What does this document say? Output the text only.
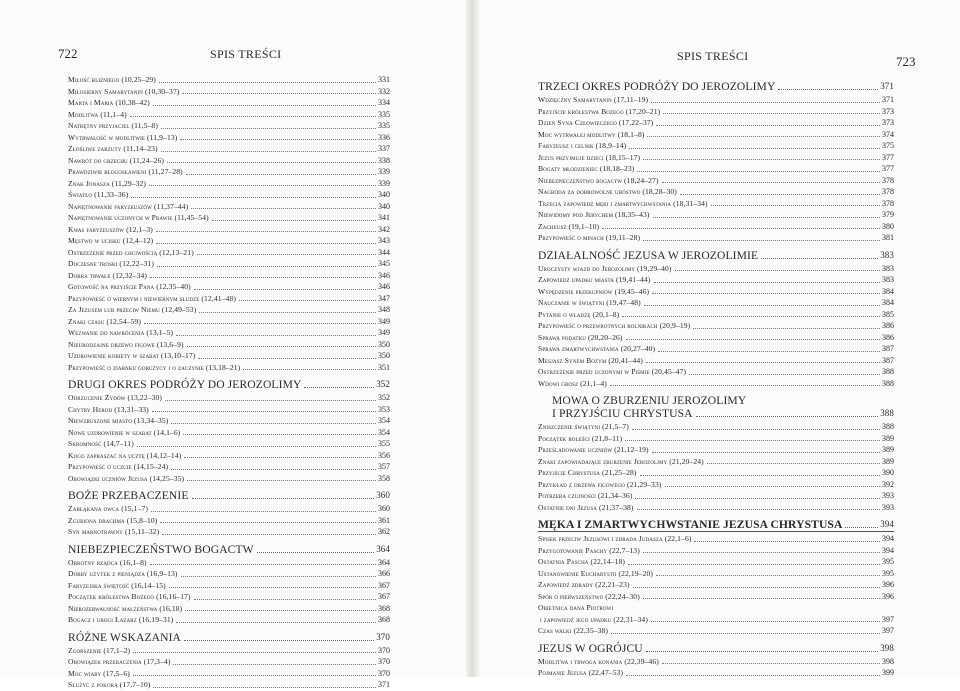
722	SPIS TREŚCI
Miłość bliźniego (10,25–29)	331
Miłosierny Samarytanin (10,30–37)	332
Marta i Maria (10,38–42)	334
Modlitwa (11,1–4)	335
Natrętny przyjaciel (11,5–8)	335
Wytrwałość w modlitwie (11,9–13)	336
Złośliwe zarzuty (11,14–23)	337
Nawrót do grzechu (11,24–26)	338
Prawdziwie błogosławieni (11,27–28)	339
Znak Jonasza (11,29–32)	339
Światło (11,33–36)	340
Napiętnowanie faryzeuszów (11,37–44)	340
Napiętnowanie uczonych w Prawie (11,45–54)	341
Kwas faryzeuszów (12,1–3)	342
Męstwo w ucisku (12,4–12)	343
Ostrzeżenie przed chciwością (12,13–21)	344
Doczesne troski (12,22–31)	345
Dobra trwałe (12,32–34)	346
Gotowość na przyjście Pana (12,35–40)	346
Przypowieść o wiernym i niewiernym słudze (12,41–48)	347
Za Jezusem lub przeciw Niemu (12,49–53)	348
Znaki czasu (12,54–59)	349
Wezwanie do nawrócenia (13,1–5)	349
Nieurodzajne drzewo figowe (13,6–9)	350
Uzdrowienie kobiety w szabat (13,10–17)	350
Przypowieść o ziarnku gorczycy i o zaczynie (13,18–21)	351
DRUGI OKRES PODRÓŻY DO JEROZOLIMY	352
Odrzucenie Żydów (13,22–30)	352
Chytry Herod (13,31–33)	353
Niewzruszone miasto (13,34–35)	354
Nowe uzdrowienie w szabat (14,1–6)	354
Skromność (14,7–11)	355
Kogo zapraszać na ucztę (14,12–14)	356
Przypowieść o uczcie (14,15–24)	357
Obowiązki uczniów Jezusa (14,25–35)	358
BOŻE PRZEBACZENIE	360
Zabłąkana owca (15,1–7)	360
Zgubiona drachma (15,8–10)	361
Syn marnotrawny (15,11–32)	362
NIEBEZPIECZEŃSTWO BOGACTW	364
Obrotny rządca (16,1–8)	364
Dobry użytek z pieniądza (16,9–13)	366
Faryzejska świętość (16,14–15)	367
Początek królestwa Bożego (16,16–17)	367
Nierozerwalność małżeństwa (16,18)	368
Bogacz i ubogi Łazarz (16,19–31)	368
RÓŻNE WSKAZANIA	370
Zgorszenie (17,1–2)	370
Obowiązek przebaczenia (17,3–4)	370
Moc wiary (17,5–6)	370
Służyć z pokorą (17,7–10)	371
SPIS TREŚCI	723
TRZECI OKRES PODRÓŻY DO JEROZOLIMY	371
Wdzięczny Samarytanin (17,11–19)	371
Przyjście królestwa Bożego (17,20–21)	373
Dzień Syna Człowieczego (17,22–37)	373
Moc wytrwałej modlitwy (18,1–8)	374
Faryzeusz i celnik (18,9–14)	375
Jezus przyjmuje dzieci (18,15–17)	377
Bogaty młodzieniec (18,18–23)	377
Niebezpieczeństwo bogactw (18,24–27)	378
Nagroda za dobrowolne ubóstwo (18,28–30)	378
Trzecia zapowiedź męki i zmartwychwstania (18,31–34)	378
Niewidomy pod Jerychem (18,35–43)	379
Zacheusz (19,1–10)	380
Przypowieść o minach (19,11–28)	381
DZIAŁALNOŚĆ JEZUSA W JEROZOLIMIE	383
Uroczysty wjazd do Jerozolimy (19,29–40)	383
Zapowiedź upadku miasta (19,41–44)	383
Wypędzenie przekupniów (19,45–46)	384
Nauczanie w świątyni (19,47–48)	384
Pytanie o władzę (20,1–8)	385
Przypowieść o przewrotnych rolnikach (20,9–19)	386
Sprawa podatku (20,20–26)	386
Sprawa zmartwychwstania (20,27–40)	387
Mesjasz Synem Bożym (20,41–44)	387
Ostrzeżenie przed uczonymi w Piśmie (20,45–47)	388
Wdowi grosz (21,1–4)	388
MOWA O ZBURZENIU JEROZOLIMY
I PRZYJŚCIU CHRYSTUSA	388
Zniszczenie świątyni (21,5–7)	388
Początek boleści (21,8–11)	389
Prześladowanie uczniów (21,12–19)	389
Znaki zapowiadające zburzenie Jerozolimy (21,20–24)	389
Przyjście Chrystusa (21,25–28)	390
Przykład z drzewa figowego (21,29–33)	392
Potrzeba czujności (21,34–36)	393
Ostatnie dni Jezusa (21,37–38)	393
MĘKA I ZMARTWYCHWSTANIE JEZUSA CHRYSTUSA	394
Spisek przeciw Jezusowi i zdrada Judasza (22,1–6)	394
Przygotowanie Paschy (22,7–13)	394
Ostatnia Pascha (22,14–18)	395
Ustanowienie Eucharystii (22,19–20)	395
Zapowiedź zdrady (22,21–23)	396
Spór o pierwszeństwo (22,24–30)	396
Obietnica dana Piotrowi
i zapowiedź jego upadku (22,31–34)	397
Czas walki (22,35–38)	397
JEZUS W OGRÓJCU	398
Modlitwa i trwoga konania (22,39–46)	398
Pojmanie Jezusa (22,47–53)	399
